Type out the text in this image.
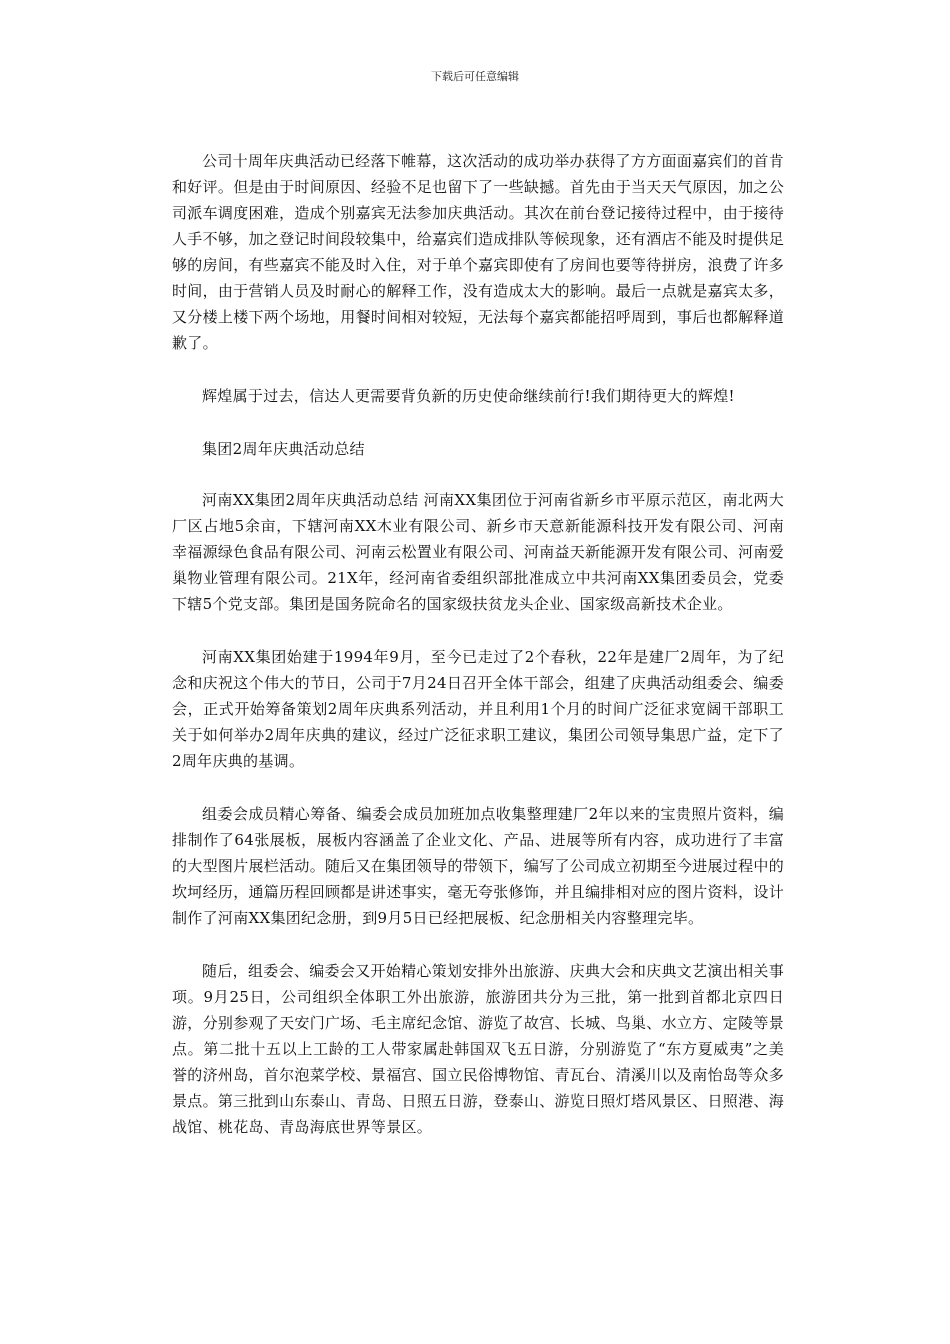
下载后可任意编辑

公司十周年庆典活动已经落下帷幕，这次活动的成功举办获得了方方面面嘉宾们的首肯和好评。但是由于时间原因、经验不足也留下了一些缺撼。首先由于当天天气原因，加之公司派车调度困难，造成个别嘉宾无法参加庆典活动。其次在前台登记接待过程中，由于接待人手不够，加之登记时间段较集中，给嘉宾们造成排队等候现象，还有酒店不能及时提供足够的房间，有些嘉宾不能及时入住，对于单个嘉宾即使有了房间也要等待拼房，浪费了许多时间，由于营销人员及时耐心的解释工作，没有造成太大的影响。最后一点就是嘉宾太多，又分楼上楼下两个场地，用餐时间相对较短，无法每个嘉宾都能招呼周到，事后也都解释道歉了。

辉煌属于过去，信达人更需要背负新的历史使命继续前行!我们期待更大的辉煌!

集团2周年庆典活动总结

河南XX集团2周年庆典活动总结 河南XX集团位于河南省新乡市平原示范区，南北两大厂区占地5余亩，下辖河南XX木业有限公司、新乡市天意新能源科技开发有限公司、河南幸福源绿色食品有限公司、河南云松置业有限公司、河南益天新能源开发有限公司、河南爱巢物业管理有限公司。21X年，经河南省委组织部批准成立中共河南XX集团委员会，党委下辖5个党支部。集团是国务院命名的国家级扶贫龙头企业、国家级高新技术企业。

河南XX集团始建于1994年9月，至今已走过了2个春秋，22年是建厂2周年，为了纪念和庆祝这个伟大的节日，公司于7月24日召开全体干部会，组建了庆典活动组委会、编委会，正式开始筹备策划2周年庆典系列活动，并且利用1个月的时间广泛征求宽阔干部职工关于如何举办2周年庆典的建议，经过广泛征求职工建议，集团公司领导集思广益，定下了2周年庆典的基调。

组委会成员精心筹备、编委会成员加班加点收集整理建厂2年以来的宝贵照片资料，编排制作了64张展板，展板内容涵盖了企业文化、产品、进展等所有内容，成功进行了丰富的大型图片展栏活动。随后又在集团领导的带领下，编写了公司成立初期至今进展过程中的坎坷经历，通篇历程回顾都是讲述事实，毫无夸张修饰，并且编排相对应的图片资料，设计制作了河南XX集团纪念册，到9月5日已经把展板、纪念册相关内容整理完毕。

随后，组委会、编委会又开始精心策划安排外出旅游、庆典大会和庆典文艺演出相关事项。9月25日，公司组织全体职工外出旅游，旅游团共分为三批，第一批到首都北京四日游，分别参观了天安门广场、毛主席纪念馆、游览了故宫、长城、鸟巢、水立方、定陵等景点。第二批十五以上工龄的工人带家属赴韩国双飞五日游，分别游览了“东方夏威夷”之美誉的济州岛，首尔泡菜学校、景福宫、国立民俗博物馆、青瓦台、清溪川以及南怡岛等众多景点。第三批到山东泰山、青岛、日照五日游，登泰山、游览日照灯塔风景区、日照港、海战馆、桃花岛、青岛海底世界等景区。
